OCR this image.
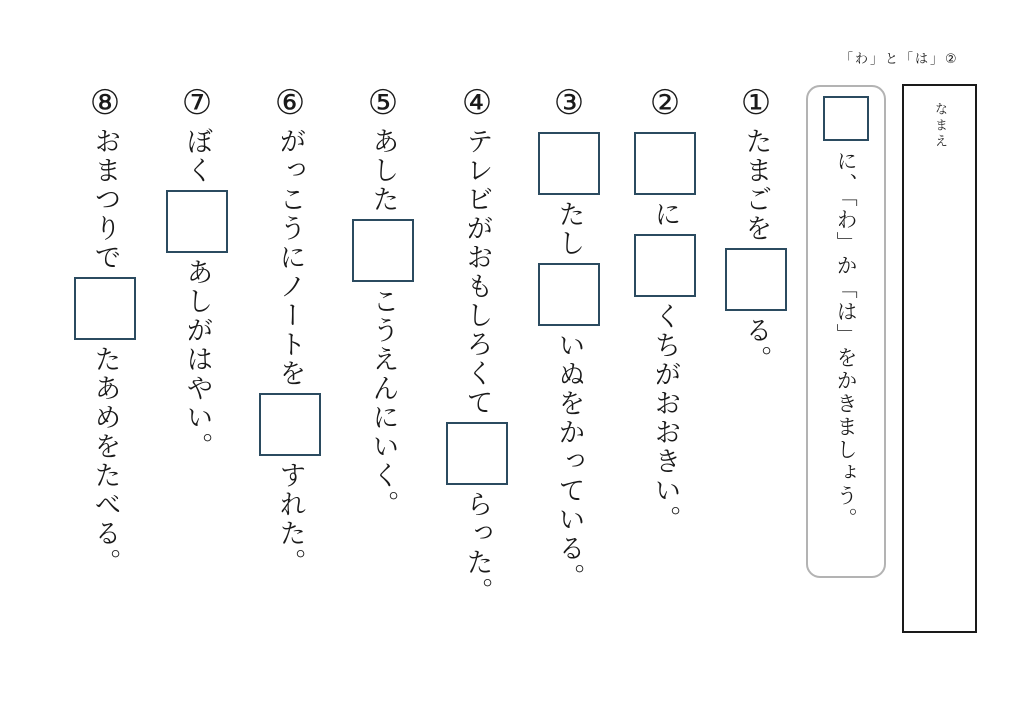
「わ」と「は」②
なまえ
に、「わ」か「は」をかきましょう。
①
たまごを
る。
②
に
くちがおおきい。
③
たし
いぬをかっている。
④
テレビがおもしろくて
らった。
⑤
あした
こうえんにいく。
⑥
がっこうにノートを
すれた。
⑦
ぼく
あしがはやい。
⑧
おまつりで
たあめをたべる。
